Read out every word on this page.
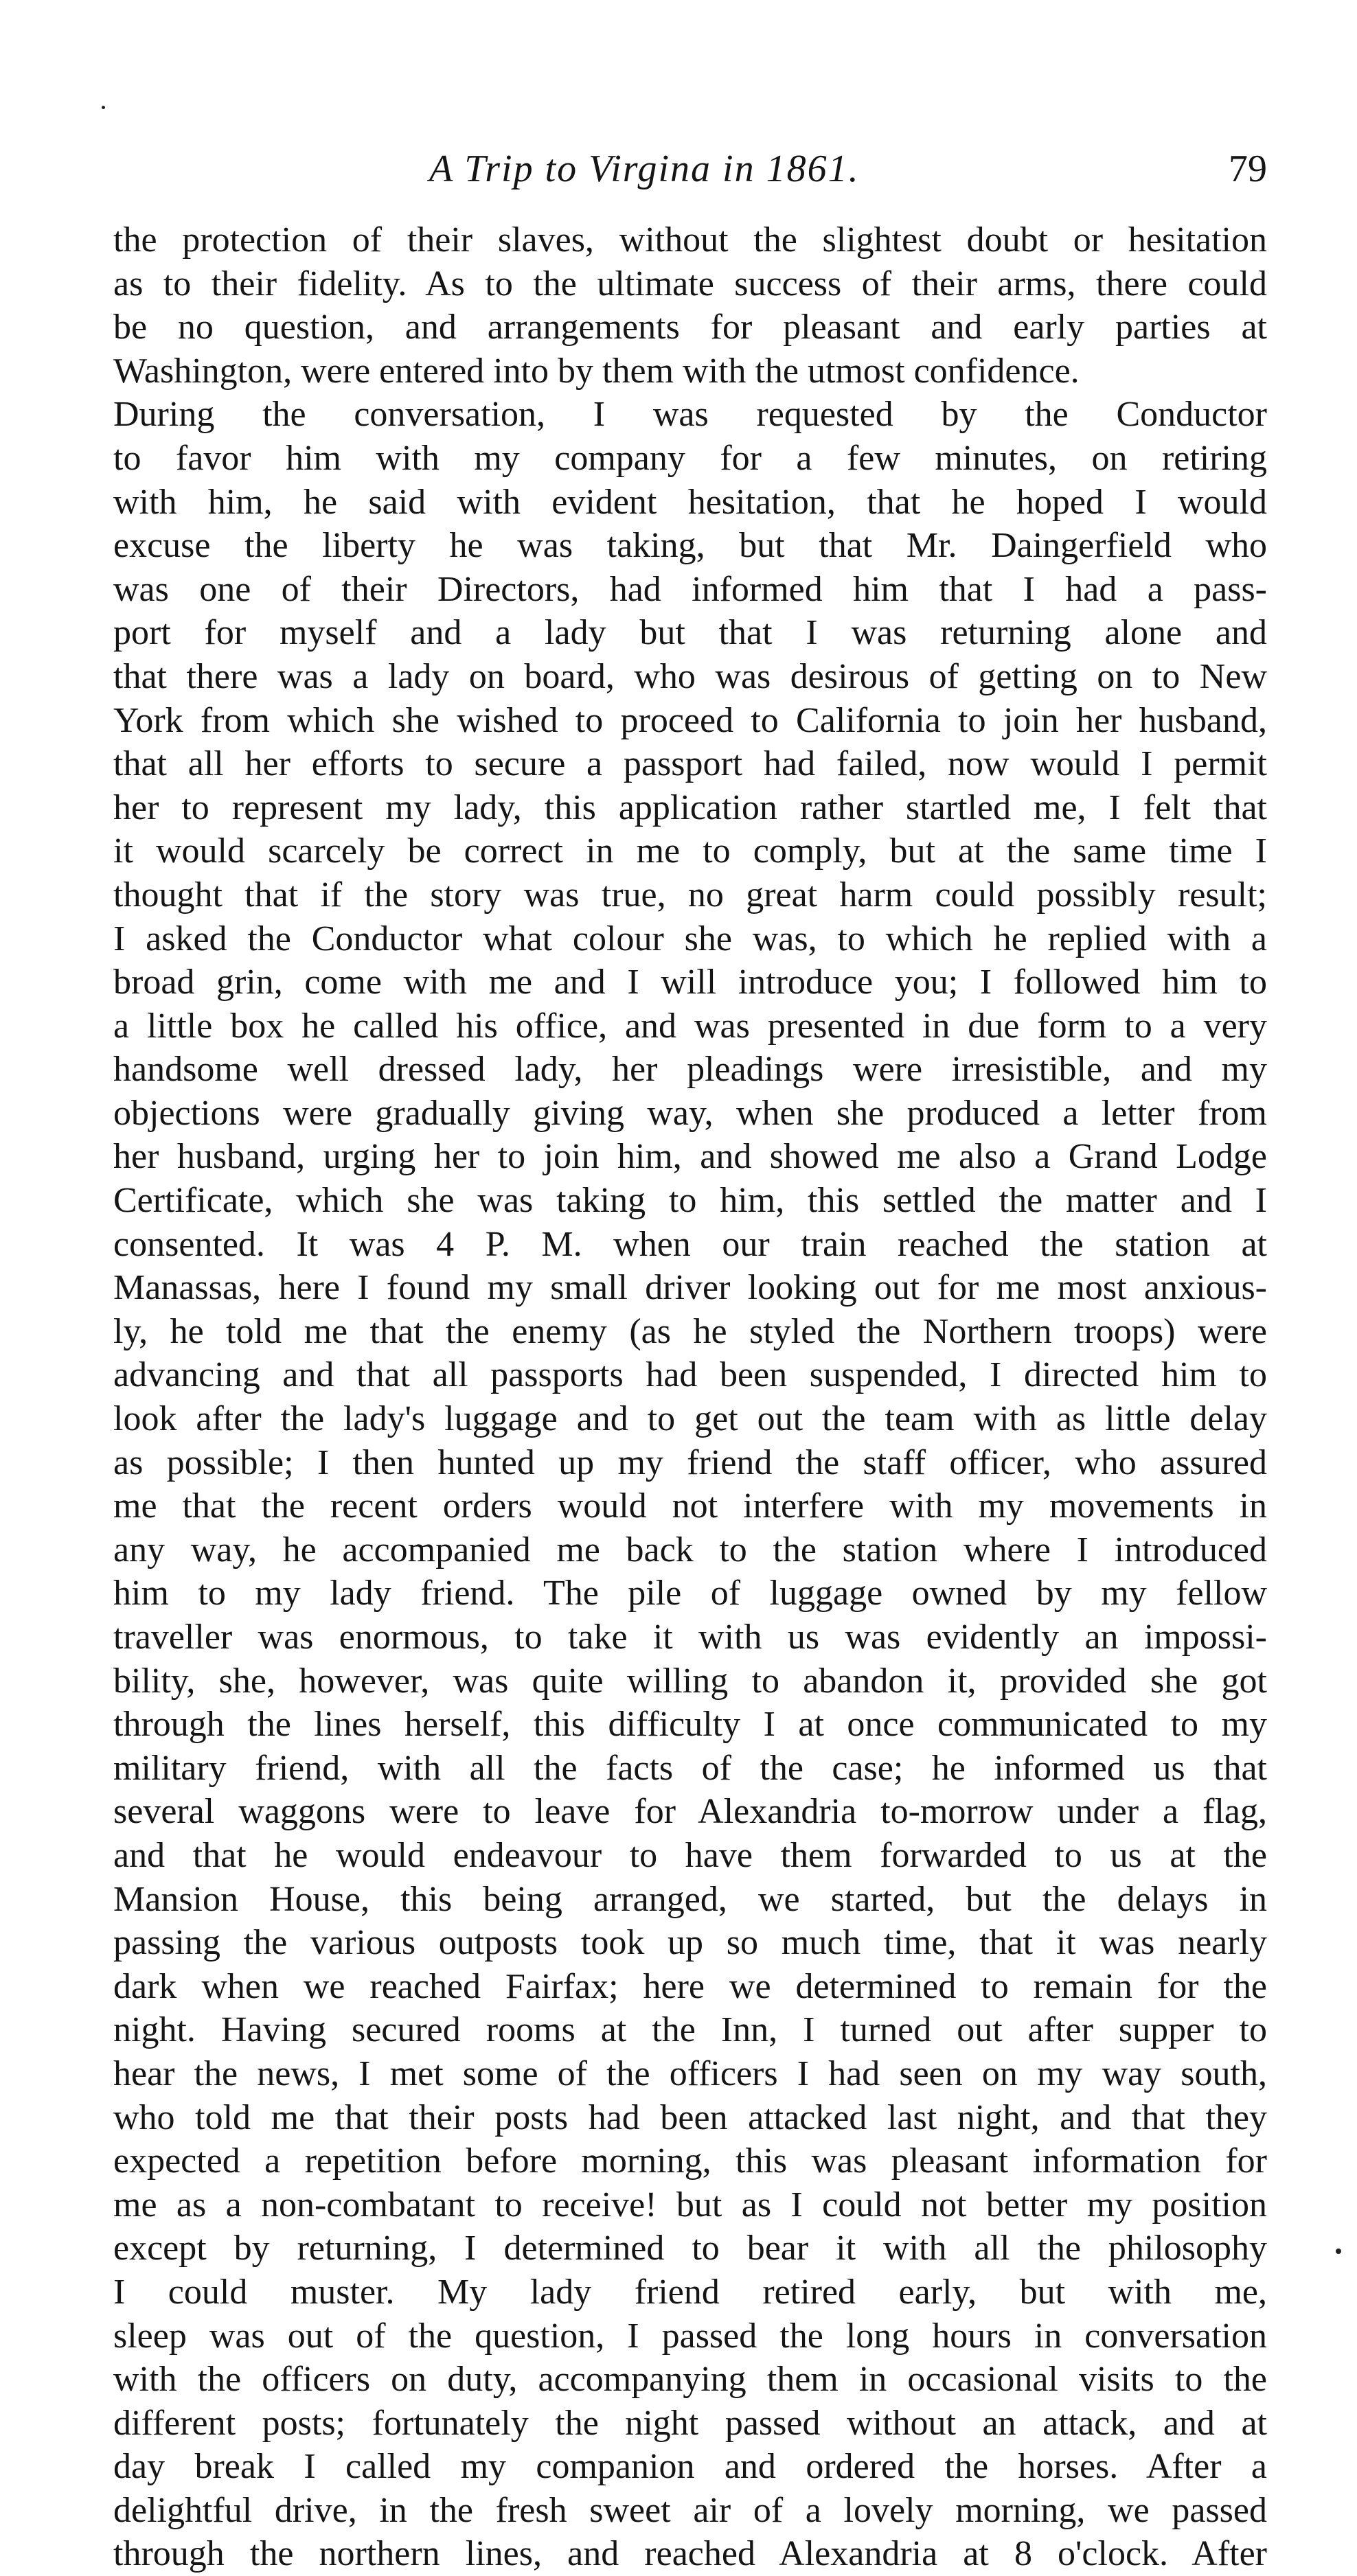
A Trip to Virgina in 1861.	79
the protection of their slaves, without the slightest doubt or hesitation
as to their fidelity. As to the ultimate success of their arms, there could
be no question, and arrangements for pleasant and early parties at
Washington, were entered into by them with the utmost confidence.
During the conversation, I was requested by the Conductor
to favor him with my company for a few minutes, on retiring
with him, he said with evident hesitation, that he hoped I would
excuse the liberty he was taking, but that Mr. Daingerfield who
was one of their Directors, had informed him that I had a pass-
port for myself and a lady but that I was returning alone and
that there was a lady on board, who was desirous of getting on to New
York from which she wished to proceed to California to join her husband,
that all her efforts to secure a passport had failed, now would I permit
her to represent my lady, this application rather startled me, I felt that
it would scarcely be correct in me to comply, but at the same time I
thought that if the story was true, no great harm could possibly result;
I asked the Conductor what colour she was, to which he replied with a
broad grin, come with me and I will introduce you; I followed him to
a little box he called his office, and was presented in due form to a very
handsome well dressed lady, her pleadings were irresistible, and my
objections were gradually giving way, when she produced a letter from
her husband, urging her to join him, and showed me also a Grand Lodge
Certificate, which she was taking to him, this settled the matter and I
consented. It was 4 P. M. when our train reached the station at
Manassas, here I found my small driver looking out for me most anxious-
ly, he told me that the enemy (as he styled the Northern troops) were
advancing and that all passports had been suspended, I directed him to
look after the lady's luggage and to get out the team with as little delay
as possible; I then hunted up my friend the staff officer, who assured
me that the recent orders would not interfere with my movements in
any way, he accompanied me back to the station where I introduced
him to my lady friend. The pile of luggage owned by my fellow
traveller was enormous, to take it with us was evidently an impossi-
bility, she, however, was quite willing to abandon it, provided she got
through the lines herself, this difficulty I at once communicated to my
military friend, with all the facts of the case; he informed us that
several waggons were to leave for Alexandria to-morrow under a flag,
and that he would endeavour to have them forwarded to us at the
Mansion House, this being arranged, we started, but the delays in
passing the various outposts took up so much time, that it was nearly
dark when we reached Fairfax; here we determined to remain for the
night. Having secured rooms at the Inn, I turned out after supper to
hear the news, I met some of the officers I had seen on my way south,
who told me that their posts had been attacked last night, and that they
expected a repetition before morning, this was pleasant information for
me as a non-combatant to receive! but as I could not better my position
except by returning, I determined to bear it with all the philosophy
I could muster. My lady friend retired early, but with me,
sleep was out of the question, I passed the long hours in conversation
with the officers on duty, accompanying them in occasional visits to the
different posts; fortunately the night passed without an attack, and at
day break I called my companion and ordered the horses. After a
delightful drive, in the fresh sweet air of a lovely morning, we passed
through the northern lines, and reached Alexandria at 8 o'clock. After
